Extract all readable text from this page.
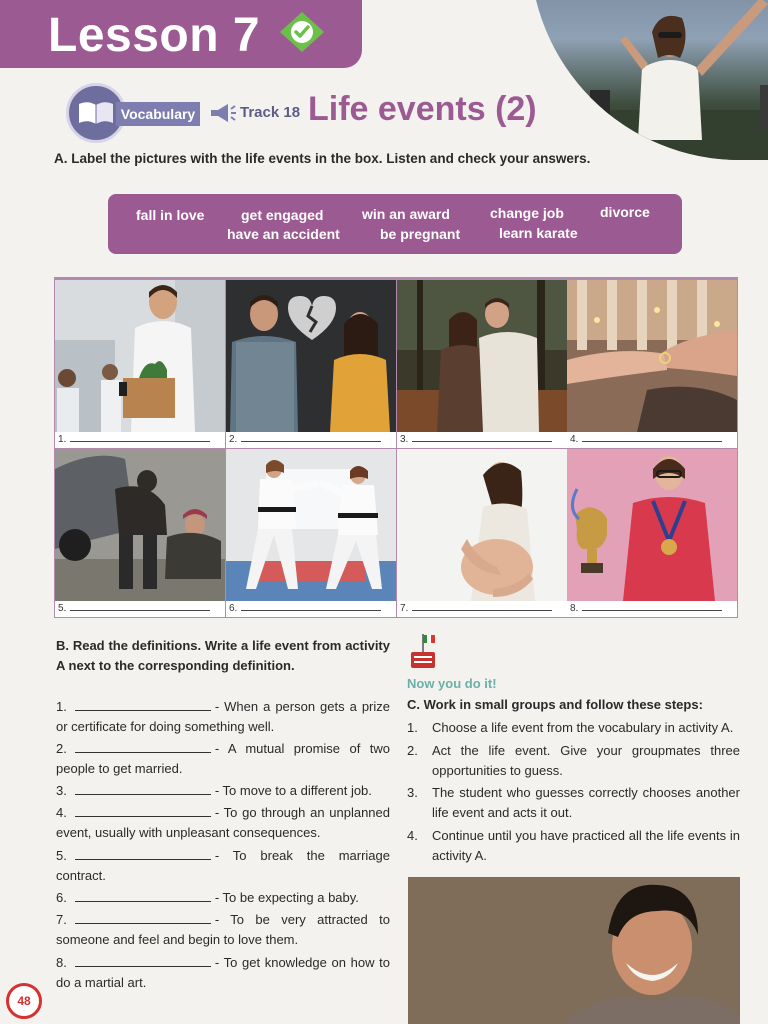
Lesson 7
Vocabulary	Track 18 Life events (2)
A. Label the pictures with the life events in the box. Listen and check your answers.
fall in love	get engaged	win an award	change job	divorce
have an accident	be pregnant	learn karate
1.	2.	3.	4.
5.	6.	7.	8.
B. Read the definitions. Write a life event from activity A next to the corresponding definition.
1.	- When a person gets a prize or certificate for doing something well.
2.	- A mutual promise of two people to get married.
3.	- To move to a different job.
4.	- To go through an unplanned event, usually with unpleasant consequences.
5.	- To break the marriage contract.
6.	- To be expecting a baby.
7.	- To be very attracted to someone and feel and begin to love them.
8.	- To get knowledge on how to do a martial art.
Now you do it!
C. Work in small groups and follow these steps:
1. Choose a life event from the vocabulary in activity A.
2. Act the life event. Give your groupmates three opportunities to guess.
3. The student who guesses correctly chooses another life event and acts it out.
4. Continue until you have practiced all the life events in activity A.
48
